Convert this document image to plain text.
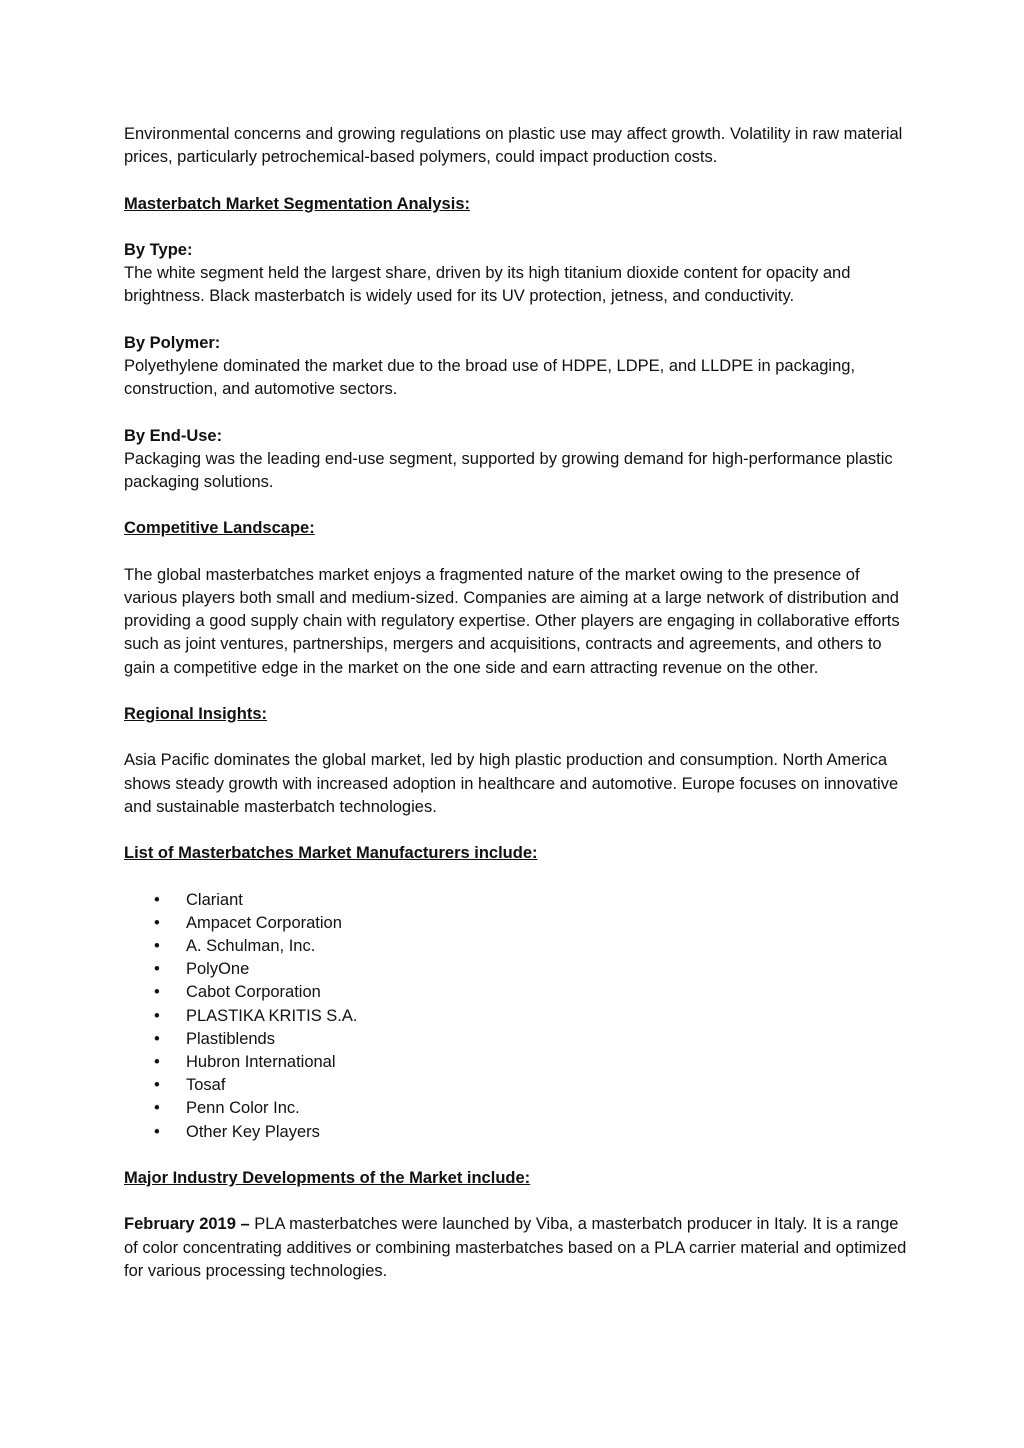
Environmental concerns and growing regulations on plastic use may affect growth. Volatility in raw material prices, particularly petrochemical-based polymers, could impact production costs.

Masterbatch Market Segmentation Analysis:

By Type:
The white segment held the largest share, driven by its high titanium dioxide content for opacity and brightness. Black masterbatch is widely used for its UV protection, jetness, and conductivity.

By Polymer:
Polyethylene dominated the market due to the broad use of HDPE, LDPE, and LLDPE in packaging, construction, and automotive sectors.

By End-Use:
Packaging was the leading end-use segment, supported by growing demand for high-performance plastic packaging solutions.

Competitive Landscape:

The global masterbatches market enjoys a fragmented nature of the market owing to the presence of various players both small and medium-sized. Companies are aiming at a large network of distribution and providing a good supply chain with regulatory expertise. Other players are engaging in collaborative efforts such as joint ventures, partnerships, mergers and acquisitions, contracts and agreements, and others to gain a competitive edge in the market on the one side and earn attracting revenue on the other.

Regional Insights:

Asia Pacific dominates the global market, led by high plastic production and consumption. North America shows steady growth with increased adoption in healthcare and automotive. Europe focuses on innovative and sustainable masterbatch technologies.

List of Masterbatches Market Manufacturers include:

• Clariant
• Ampacet Corporation
• A. Schulman, Inc.
• PolyOne
• Cabot Corporation
• PLASTIKA KRITIS S.A.
• Plastiblends
• Hubron International
• Tosaf
• Penn Color Inc.
• Other Key Players

Major Industry Developments of the Market include:

February 2019 – PLA masterbatches were launched by Viba, a masterbatch producer in Italy. It is a range of color concentrating additives or combining masterbatches based on a PLA carrier material and optimized for various processing technologies.
